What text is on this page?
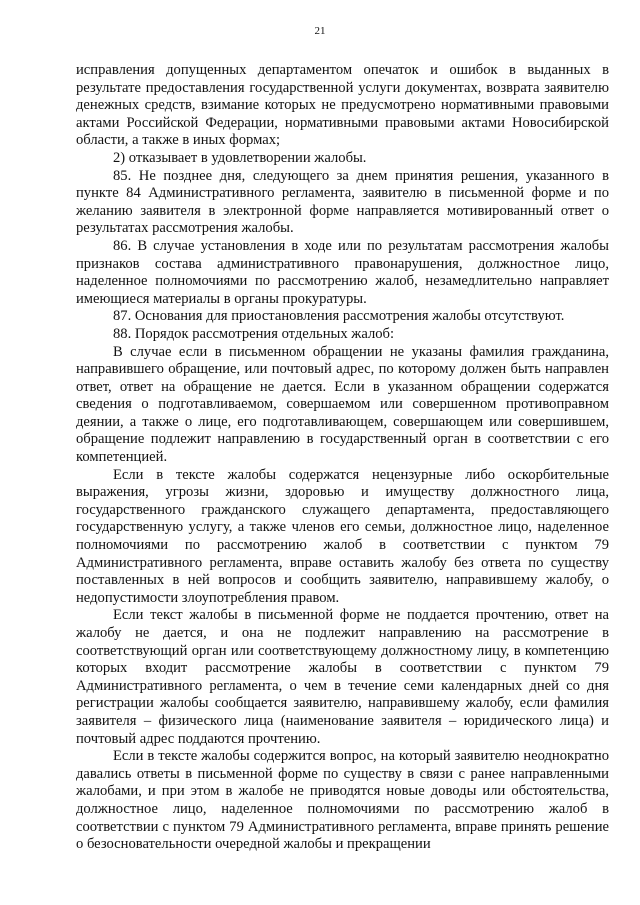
21

исправления допущенных департаментом опечаток и ошибок в выданных в результате предоставления государственной услуги документах, возврата заявителю денежных средств, взимание которых не предусмотрено нормативными правовыми актами Российской Федерации, нормативными правовыми актами Новосибирской области, а также в иных формах;

2) отказывает в удовлетворении жалобы.

85. Не позднее дня, следующего за днем принятия решения, указанного в пункте 84 Административного регламента, заявителю в письменной форме и по желанию заявителя в электронной форме направляется мотивированный ответ о результатах рассмотрения жалобы.

86. В случае установления в ходе или по результатам рассмотрения жалобы признаков состава административного правонарушения, должностное лицо, наделенное полномочиями по рассмотрению жалоб, незамедлительно направляет имеющиеся материалы в органы прокуратуры.

87. Основания для приостановления рассмотрения жалобы отсутствуют.

88. Порядок рассмотрения отдельных жалоб:

В случае если в письменном обращении не указаны фамилия гражданина, направившего обращение, или почтовый адрес, по которому должен быть направлен ответ, ответ на обращение не дается. Если в указанном обращении содержатся сведения о подготавливаемом, совершаемом или совершенном противоправном деянии, а также о лице, его подготавливающем, совершающем или совершившем, обращение подлежит направлению в государственный орган в соответствии с его компетенцией.

Если в тексте жалобы содержатся нецензурные либо оскорбительные выражения, угрозы жизни, здоровью и имуществу должностного лица, государственного гражданского служащего департамента, предоставляющего государственную услугу, а также членов его семьи, должностное лицо, наделенное полномочиями по рассмотрению жалоб в соответствии с пунктом 79 Административного регламента, вправе оставить жалобу без ответа по существу поставленных в ней вопросов и сообщить заявителю, направившему жалобу, о недопустимости злоупотребления правом.

Если текст жалобы в письменной форме не поддается прочтению, ответ на жалобу не дается, и она не подлежит направлению на рассмотрение в соответствующий орган или соответствующему должностному лицу, в компетенцию которых входит рассмотрение жалобы в соответствии с пунктом 79 Административного регламента, о чем в течение семи календарных дней со дня регистрации жалобы сообщается заявителю, направившему жалобу, если фамилия заявителя – физического лица (наименование заявителя – юридического лица) и почтовый адрес поддаются прочтению.

Если в тексте жалобы содержится вопрос, на который заявителю неоднократно давались ответы в письменной форме по существу в связи с ранее направленными жалобами, и при этом в жалобе не приводятся новые доводы или обстоятельства, должностное лицо, наделенное полномочиями по рассмотрению жалоб в соответствии с пунктом 79 Административного регламента, вправе принять решение о безосновательности очередной жалобы и прекращении
